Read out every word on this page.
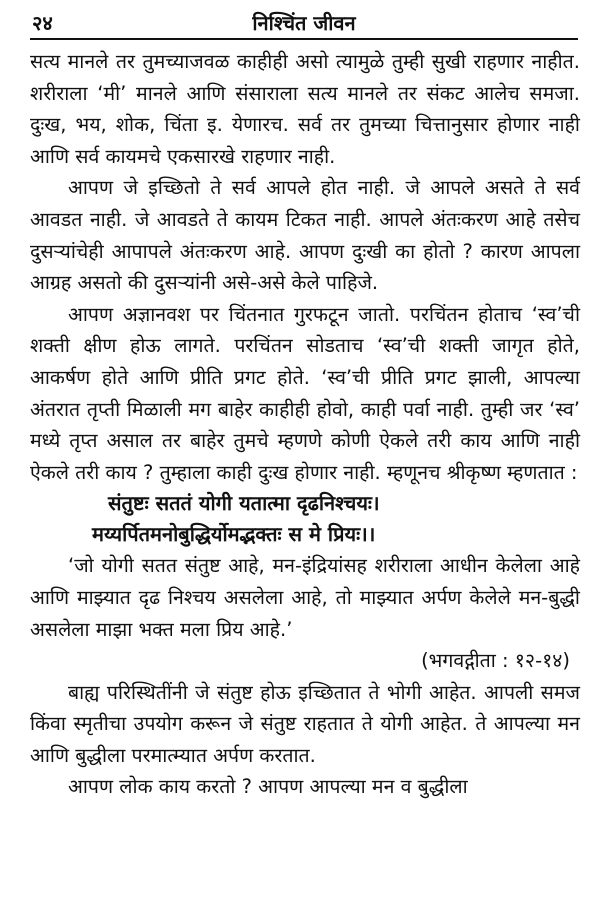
२४	निश्चिंत जीवन

सत्य मानले तर तुमच्याजवळ काहीही असो त्यामुळे तुम्ही सुखी राहणार नाहीत. शरीराला ‘मी’ मानले आणि संसाराला सत्य मानले तर संकट आलेच समजा. दुःख, भय, शोक, चिंता इ. येणारच. सर्व तर तुमच्या चित्तानुसार होणार नाही आणि सर्व कायमचे एकसारखे राहणार नाही.

आपण जे इच्छितो ते सर्व आपले होत नाही. जे आपले असते ते सर्व आवडत नाही. जे आवडते ते कायम टिकत नाही. आपले अंतःकरण आहे तसेच दुसऱ्यांचेही आपापले अंतःकरण आहे. आपण दुःखी का होतो ? कारण आपला आग्रह असतो की दुसऱ्यांनी असे-असे केले पाहिजे.

आपण अज्ञानवश पर चिंतनात गुरफटून जातो. परचिंतन होताच ‘स्व’ची शक्ती क्षीण होऊ लागते. परचिंतन सोडताच ‘स्व’ची शक्ती जागृत होते, आकर्षण होते आणि प्रीति प्रगट होते. ‘स्व’ची प्रीति प्रगट झाली, आपल्या अंतरात तृप्ती मिळाली मग बाहेर काहीही होवो, काही पर्वा नाही. तुम्ही जर ‘स्व’ मध्ये तृप्त असाल तर बाहेर तुमचे म्हणणे कोणी ऐकले तरी काय आणि नाही ऐकले तरी काय ? तुम्हाला काही दुःख होणार नाही. म्हणूनच श्रीकृष्ण म्हणतात :

संतुष्टः सततं योगी यतात्मा दृढनिश्चयः।
मय्यर्पितमनोबुद्धिर्योमद्भक्तः स मे प्रियः।।

‘जो योगी सतत संतुष्ट आहे, मन-इंद्रियांसह शरीराला आधीन केलेला आहे आणि माझ्यात दृढ निश्चय असलेला आहे, तो माझ्यात अर्पण केलेले मन-बुद्धी असलेला माझा भक्त मला प्रिय आहे.’

(भगवद्गीता : १२-१४)

बाह्य परिस्थितींनी जे संतुष्ट होऊ इच्छितात ते भोगी आहेत. आपली समज किंवा स्मृतीचा उपयोग करून जे संतुष्ट राहतात ते योगी आहेत. ते आपल्या मन आणि बुद्धीला परमात्म्यात अर्पण करतात.

आपण लोक काय करतो ? आपण आपल्या मन व बुद्धीला
